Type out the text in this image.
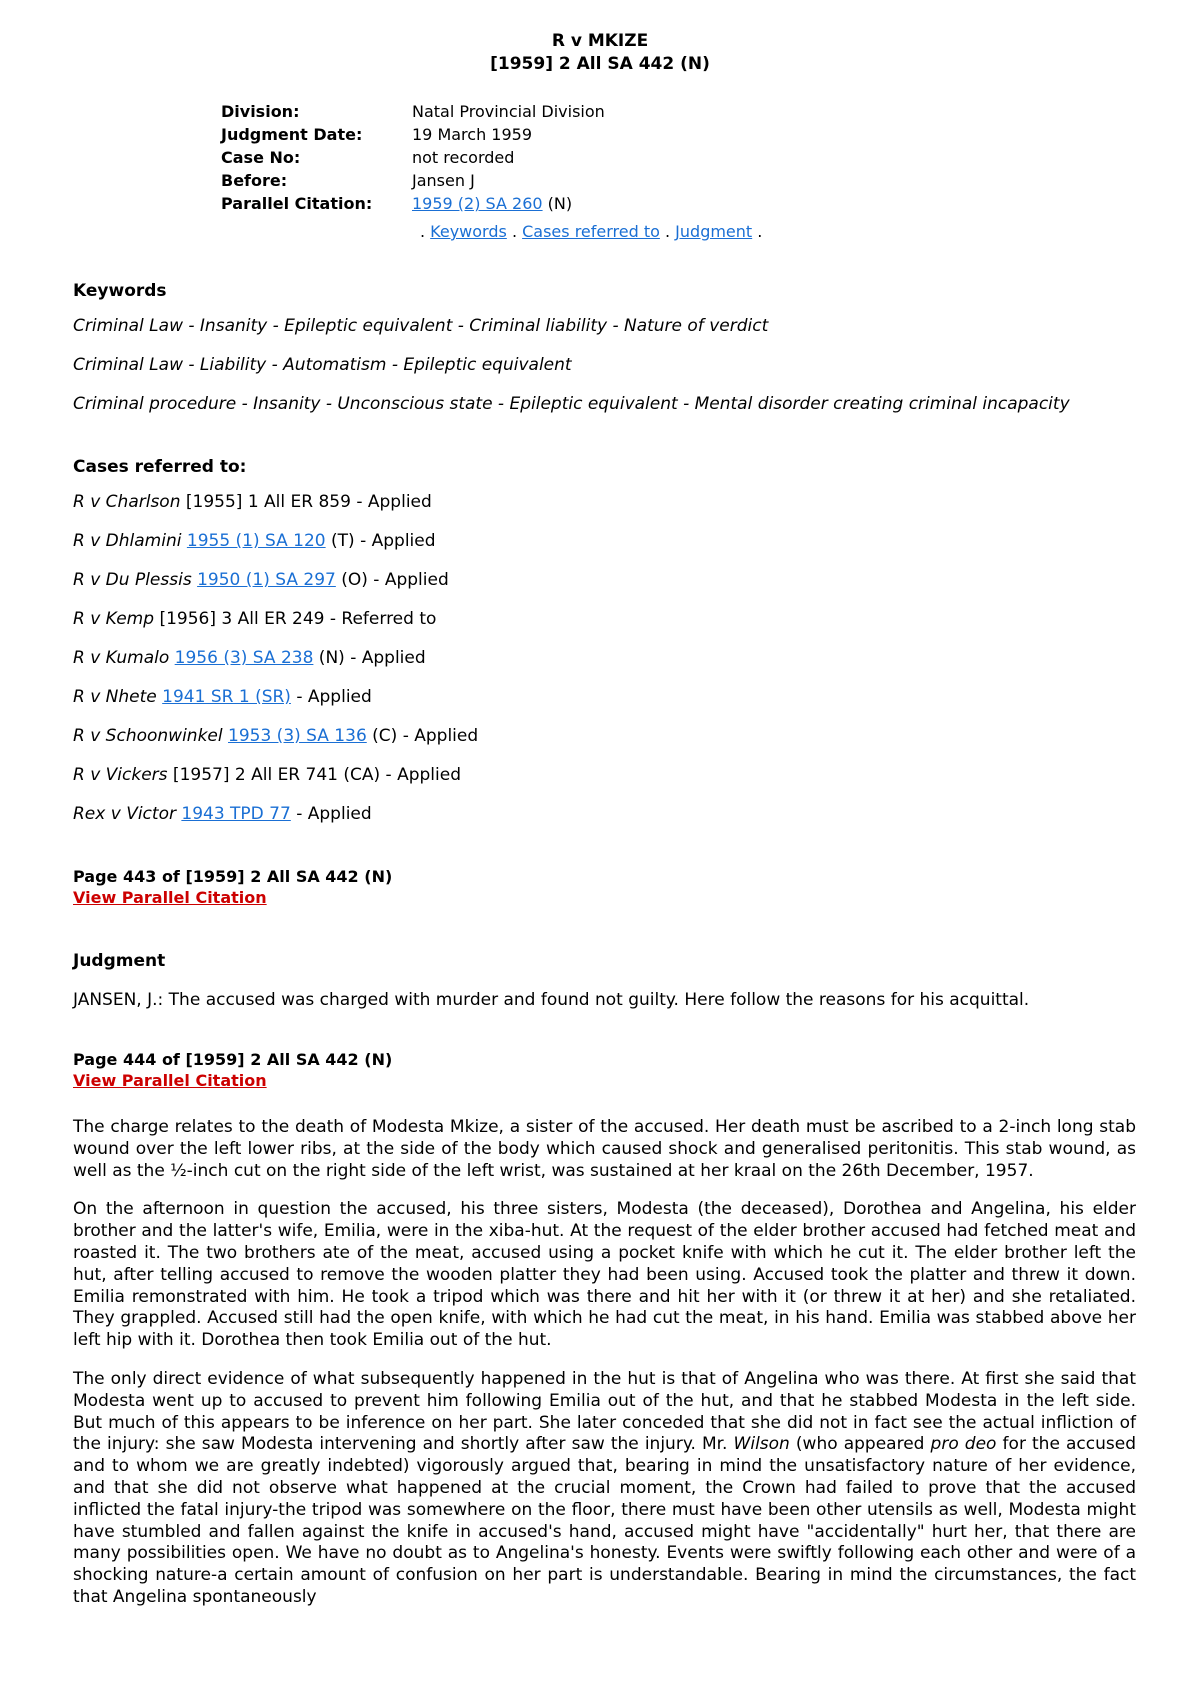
R v MKIZE
[1959] 2 All SA 442 (N)
Division:	Natal Provincial Division
Judgment Date:	19 March 1959
Case No:	not recorded
Before:	Jansen J
Parallel Citation:	1959 (2) SA 260 (N)
. Keywords . Cases referred to . Judgment .
Keywords

Criminal Law - Insanity - Epileptic equivalent - Criminal liability - Nature of verdict

Criminal Law - Liability - Automatism - Epileptic equivalent

Criminal procedure - Insanity - Unconscious state - Epileptic equivalent - Mental disorder creating criminal incapacity

Cases referred to:

R v Charlson [1955] 1 All ER 859 - Applied

R v Dhlamini 1955 (1) SA 120 (T) - Applied

R v Du Plessis 1950 (1) SA 297 (O) - Applied

R v Kemp [1956] 3 All ER 249 - Referred to

R v Kumalo 1956 (3) SA 238 (N) - Applied

R v Nhete 1941 SR 1 (SR) - Applied

R v Schoonwinkel 1953 (3) SA 136 (C) - Applied

R v Vickers [1957] 2 All ER 741 (CA) - Applied

Rex v Victor 1943 TPD 77 - Applied

Page 443 of [1959] 2 All SA 442 (N)
View Parallel Citation
Judgment

JANSEN, J.: The accused was charged with murder and found not guilty. Here follow the reasons for his acquittal.

Page 444 of [1959] 2 All SA 442 (N)
View Parallel Citation

The charge relates to the death of Modesta Mkize, a sister of the accused. Her death must be ascribed to a 2-inch long stab wound over the left lower ribs, at the side of the body which caused shock and generalised peritonitis. This stab wound, as well as the ½-inch cut on the right side of the left wrist, was sustained at her kraal on the 26th December, 1957.

On the afternoon in question the accused, his three sisters, Modesta (the deceased), Dorothea and Angelina, his elder brother and the latter's wife, Emilia, were in the xiba-hut. At the request of the elder brother accused had fetched meat and roasted it. The two brothers ate of the meat, accused using a pocket knife with which he cut it. The elder brother left the hut, after telling accused to remove the wooden platter they had been using. Accused took the platter and threw it down. Emilia remonstrated with him. He took a tripod which was there and hit her with it (or threw it at her) and she retaliated. They grappled. Accused still had the open knife, with which he had cut the meat, in his hand. Emilia was stabbed above her left hip with it. Dorothea then took Emilia out of the hut.

The only direct evidence of what subsequently happened in the hut is that of Angelina who was there. At first she said that Modesta went up to accused to prevent him following Emilia out of the hut, and that he stabbed Modesta in the left side. But much of this appears to be inference on her part. She later conceded that she did not in fact see the actual infliction of the injury: she saw Modesta intervening and shortly after saw the injury. Mr. Wilson (who appeared pro deo for the accused and to whom we are greatly indebted) vigorously argued that, bearing in mind the unsatisfactory nature of her evidence, and that she did not observe what happened at the crucial moment, the Crown had failed to prove that the accused inflicted the fatal injury-the tripod was somewhere on the floor, there must have been other utensils as well, Modesta might have stumbled and fallen against the knife in accused's hand, accused might have "accidentally" hurt her, that there are many possibilities open. We have no doubt as to Angelina's honesty. Events were swiftly following each other and were of a shocking nature-a certain amount of confusion on her part is understandable. Bearing in mind the circumstances, the fact that Angelina spontaneously
